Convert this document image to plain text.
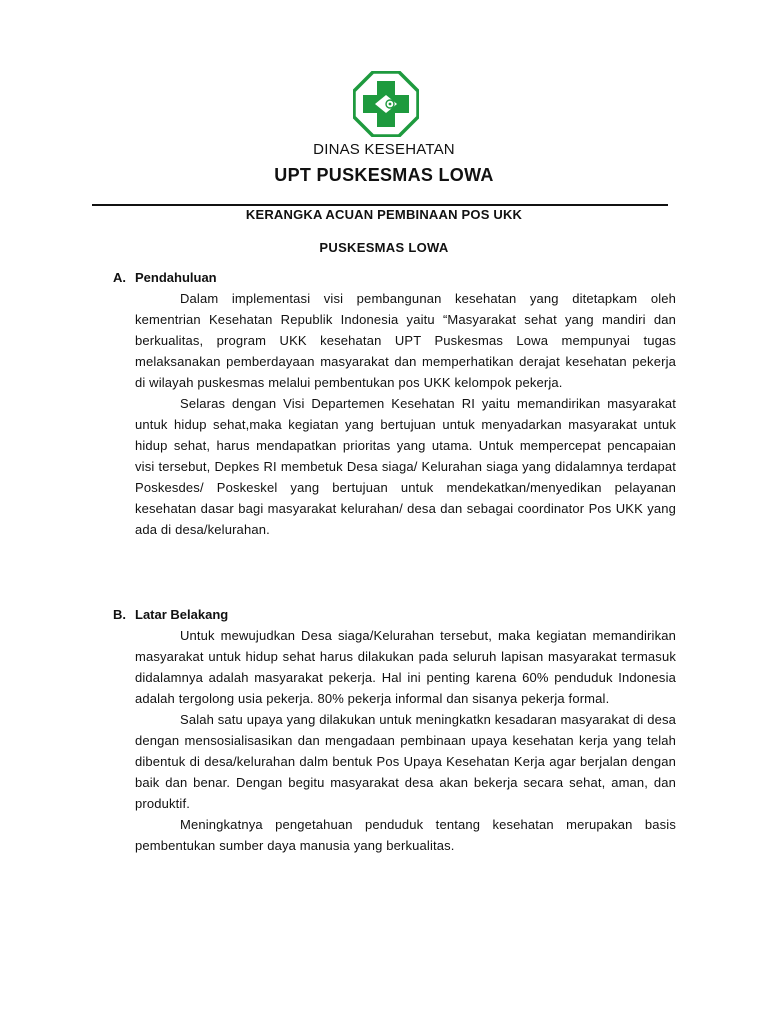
DINAS KESEHATAN
UPT PUSKESMAS LOWA
KERANGKA ACUAN PEMBINAAN POS UKK
PUSKESMAS LOWA
A. Pendahuluan

Dalam implementasi visi pembangunan kesehatan yang ditetapkam oleh kementrian Kesehatan Republik Indonesia yaitu “Masyarakat sehat yang mandiri dan berkualitas, program UKK kesehatan UPT Puskesmas Lowa mempunyai tugas melaksanakan pemberdayaan masyarakat dan memperhatikan derajat kesehatan pekerja di wilayah puskesmas melalui pembentukan pos UKK kelompok pekerja.

Selaras dengan Visi Departemen Kesehatan RI yaitu memandirikan masyarakat untuk hidup sehat,maka kegiatan yang bertujuan untuk menyadarkan masyarakat untuk hidup sehat, harus mendapatkan prioritas yang utama. Untuk mempercepat pencapaian visi tersebut, Depkes RI membetuk Desa siaga/ Kelurahan siaga yang didalamnya terdapat Poskesdes/ Poskeskel yang bertujuan untuk mendekatkan/menyedikan pelayanan kesehatan dasar bagi masyarakat kelurahan/ desa dan sebagai coordinator Pos UKK yang ada di desa/kelurahan.

B. Latar Belakang

Untuk mewujudkan Desa siaga/Kelurahan tersebut, maka kegiatan memandirikan masyarakat untuk hidup sehat harus dilakukan pada seluruh lapisan masyarakat termasuk didalamnya adalah masyarakat pekerja. Hal ini penting karena 60% penduduk Indonesia adalah tergolong usia pekerja. 80% pekerja informal dan sisanya pekerja formal.

Salah satu upaya yang dilakukan untuk meningkatkn kesadaran masyarakat di desa dengan mensosialisasikan dan mengadaan pembinaan upaya kesehatan kerja yang telah dibentuk di desa/kelurahan dalm bentuk Pos Upaya Kesehatan Kerja agar berjalan dengan baik dan benar. Dengan begitu masyarakat desa akan bekerja secara sehat, aman, dan produktif.

Meningkatnya pengetahuan penduduk tentang kesehatan merupakan basis pembentukan sumber daya manusia yang berkualitas.
